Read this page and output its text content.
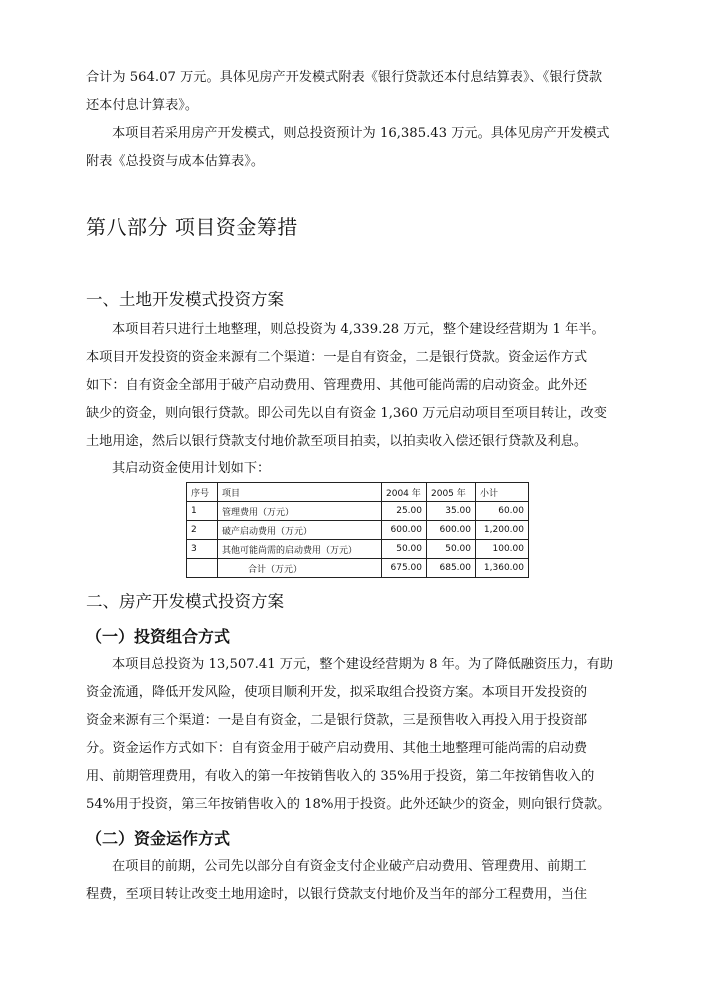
合计为 564.07 万元。具体见房产开发模式附表《银行贷款还本付息结算表》、《银行贷款
还本付息计算表》。
本项目若采用房产开发模式，则总投资预计为 16,385.43 万元。具体见房产开发模式
附表《总投资与成本估算表》。
第八部分 项目资金筹措
一、土地开发模式投资方案
本项目若只进行土地整理，则总投资为 4,339.28 万元，整个建设经营期为 1 年半。
本项目开发投资的资金来源有二个渠道：一是自有资金，二是银行贷款。资金运作方式
如下：自有资金全部用于破产启动费用、管理费用、其他可能尚需的启动资金。此外还
缺少的资金，则向银行贷款。即公司先以自有资金 1,360 万元启动项目至项目转让，改变
土地用途，然后以银行贷款支付地价款至项目拍卖，以拍卖收入偿还银行贷款及利息。
其启动资金使用计划如下：
序号	项目	2004 年	2005 年	小计
1	管理费用（万元）	25.00	35.00	60.00
2	破产启动费用（万元）	600.00	600.00	1,200.00
3	其他可能尚需的启动费用（万元）	50.00	50.00	100.00
	合计（万元）	675.00	685.00	1,360.00
二、房产开发模式投资方案
（一）投资组合方式
本项目总投资为 13,507.41 万元，整个建设经营期为 8 年。为了降低融资压力，有助
资金流通，降低开发风险，使项目顺利开发，拟采取组合投资方案。本项目开发投资的
资金来源有三个渠道：一是自有资金，二是银行贷款，三是预售收入再投入用于投资部
分。资金运作方式如下：自有资金用于破产启动费用、其他土地整理可能尚需的启动费
用、前期管理费用，有收入的第一年按销售收入的 35%用于投资，第二年按销售收入的
54%用于投资，第三年按销售收入的 18%用于投资。此外还缺少的资金，则向银行贷款。
（二）资金运作方式
在项目的前期，公司先以部分自有资金支付企业破产启动费用、管理费用、前期工
程费，至项目转让改变土地用途时，以银行贷款支付地价及当年的部分工程费用，当住
